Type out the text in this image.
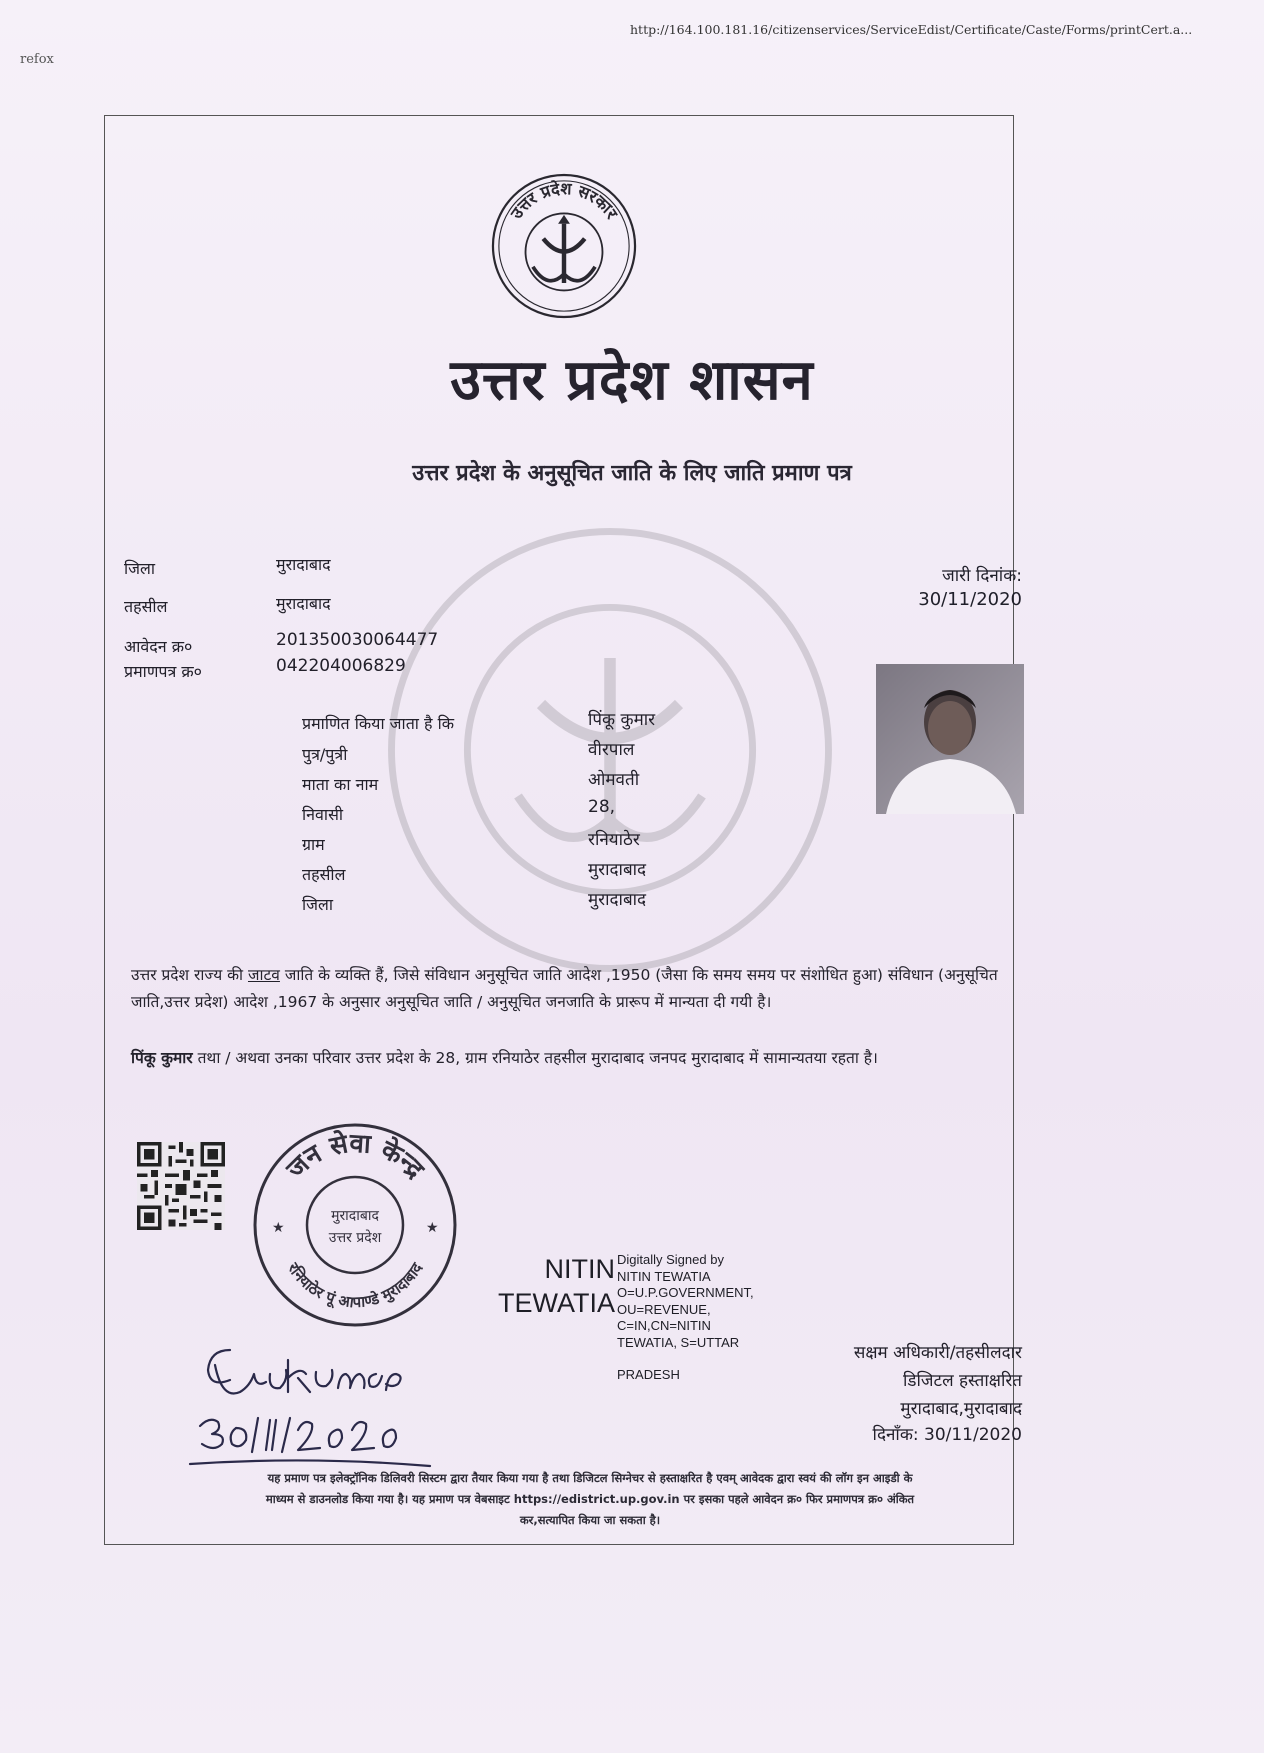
refox
http://164.100.181.16/citizenservices/ServiceEdist/Certificate/Caste/Forms/printCert.a...
उत्तर प्रदेश सरकार
उत्तर प्रदेश शासन
उत्तर प्रदेश के अनुसूचित जाति के लिए जाति प्रमाण पत्र
जिला	मुरादाबाद
तहसील	मुरादाबाद
आवेदन क्र०	201350030064477
प्रमाणपत्र क्र०	042204006829
जारी दिनांक:
30/11/2020
प्रमाणित किया जाता है कि	पिंकू कुमार
पुत्र/पुत्री	वीरपाल
माता का नाम	ओमवती
निवासी	28,
ग्राम	रनियाठेर
तहसील	मुरादाबाद
जिला	मुरादाबाद
उत्तर प्रदेश राज्य की जाटव जाति के व्यक्ति हैं, जिसे संविधान अनुसूचित जाति आदेश ,1950 (जैसा कि समय समय पर संशोधित हुआ) संविधान (अनुसूचित जाति,उत्तर प्रदेश) आदेश ,1967 के अनुसार अनुसूचित जाति / अनुसूचित जनजाति के प्रारूप में मान्यता दी गयी है।
पिंकू कुमार तथा / अथवा उनका परिवार उत्तर प्रदेश के 28, ग्राम रनियाठेर तहसील मुरादाबाद जनपद मुरादाबाद में सामान्यतया रहता है।
जन सेवा केन्द्र
रनियाठेर पूं आपाण्डे मुरादाबाद
मुरादाबाद
उत्तर प्रदेश
★	★
NITIN
TEWATIA
Digitally Signed by
NITIN TEWATIA
O=U.P.GOVERNMENT,
OU=REVENUE,
C=IN,CN=NITIN
TEWATIA, S=UTTAR
PRADESH
सक्षम अधिकारी/तहसीलदार
डिजिटल हस्ताक्षरित
मुरादाबाद,मुरादाबाद
दिनाँक: 30/11/2020
यह प्रमाण पत्र इलेक्ट्रॉनिक डिलिवरी सिस्टम द्वारा तैयार किया गया है तथा डिजिटल सिग्नेचर से हस्ताक्षरित है एवम् आवेदक द्वारा स्वयं की लॉग इन आइडी के
माध्यम से डाउनलोड किया गया है। यह प्रमाण पत्र वेबसाइट https://edistrict.up.gov.in पर इसका पहले आवेदन क्र० फिर प्रमाणपत्र क्र० अंकित
कर,सत्यापित किया जा सकता है।
